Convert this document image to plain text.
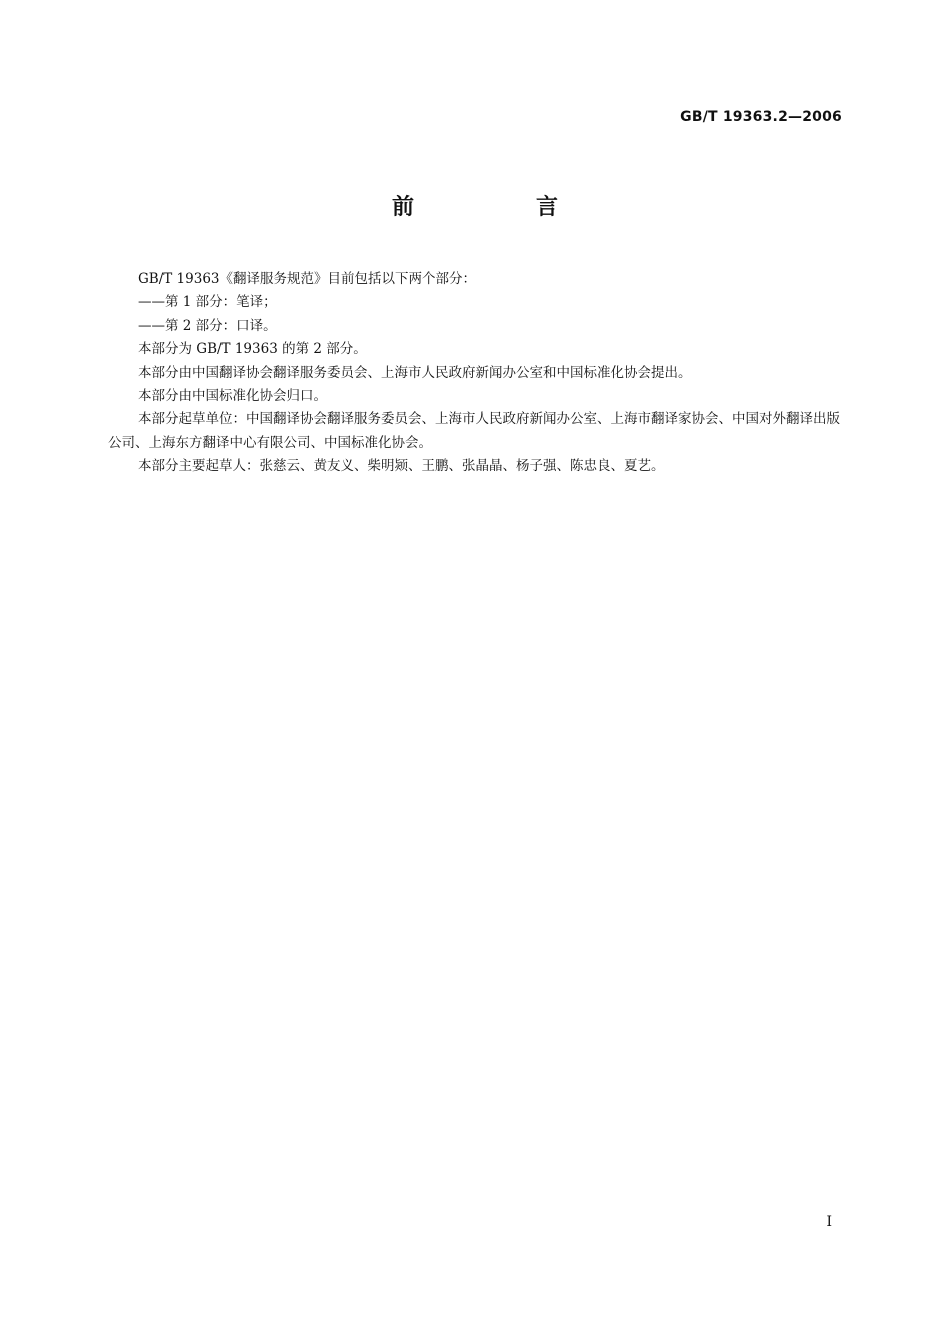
GB/T 19363.2—2006
前　言

GB/T 19363《翻译服务规范》目前包括以下两个部分：

——第 1 部分：笔译；

——第 2 部分：口译。

本部分为 GB/T 19363 的第 2 部分。

本部分由中国翻译协会翻译服务委员会、上海市人民政府新闻办公室和中国标准化协会提出。

本部分由中国标准化协会归口。

本部分起草单位：中国翻译协会翻译服务委员会、上海市人民政府新闻办公室、上海市翻译家协会、中国对外翻译出版公司、上海东方翻译中心有限公司、中国标准化协会。

本部分主要起草人：张慈云、黄友义、柴明颎、王鹏、张晶晶、杨子强、陈忠良、夏艺。

I
